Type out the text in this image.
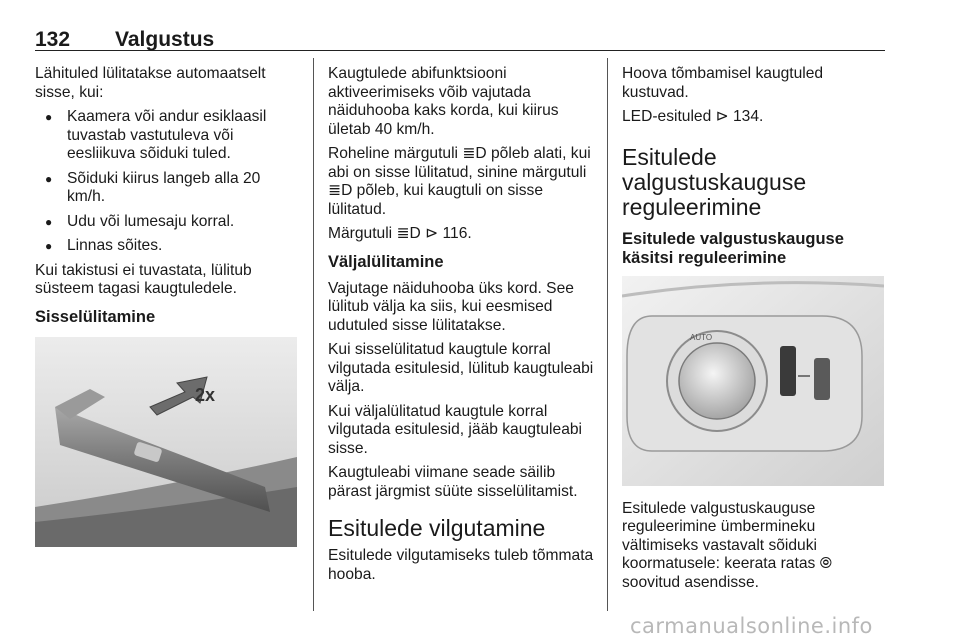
132 Valgustus

Lähituled lülitatakse automaatselt sisse, kui:

● Kaamera või andur esiklaasil tuvastab vastutuleva või eesliikuva sõiduki tuled.
● Sõiduki kiirus langeb alla 20 km/h.
● Udu või lumesaju korral.
● Linnas sõites.

Kui takistusi ei tuvastata, lülitub süsteem tagasi kaugtuledele.

Sisselülitamine
2x

Kaugtulede abifunktsiooni aktiveerimiseks võib vajutada näiduhooba kaks korda, kui kiirus ületab 40 km/h.

Roheline märgutuli ≣D põleb alati, kui abi on sisse lülitatud, sinine märgutuli ≣D põleb, kui kaugtuli on sisse lülitatud.

Märgutuli ≣D ⊳ 116.

Väljalülitamine

Vajutage näiduhooba üks kord. See lülitub välja ka siis, kui eesmised udutuled sisse lülitatakse.

Kui sisselülitatud kaugtule korral vilgutada esitulesid, lülitub kaugtuleabi välja.

Kui väljalülitatud kaugtule korral vilgutada esitulesid, jääb kaugtuleabi sisse.

Kaugtuleabi viimane seade säilib pärast järgmist süüte sisselülitamist.

Esitulede vilgutamine

Esitulede vilgutamiseks tuleb tõmmata hooba.

Hoova tõmbamisel kaugtuled kustuvad.

LED-esituled ⊳ 134.

Esitulede valgustuskauguse reguleerimine
Esitulede valgustuskauguse käsitsi reguleerimine
AUTO

Esitulede valgustuskauguse reguleerimine ümbermineku vältimiseks vastavalt sõiduki koormatusele: keerata ratas ⦾ soovitud asendisse.

carmanualsonline.info
